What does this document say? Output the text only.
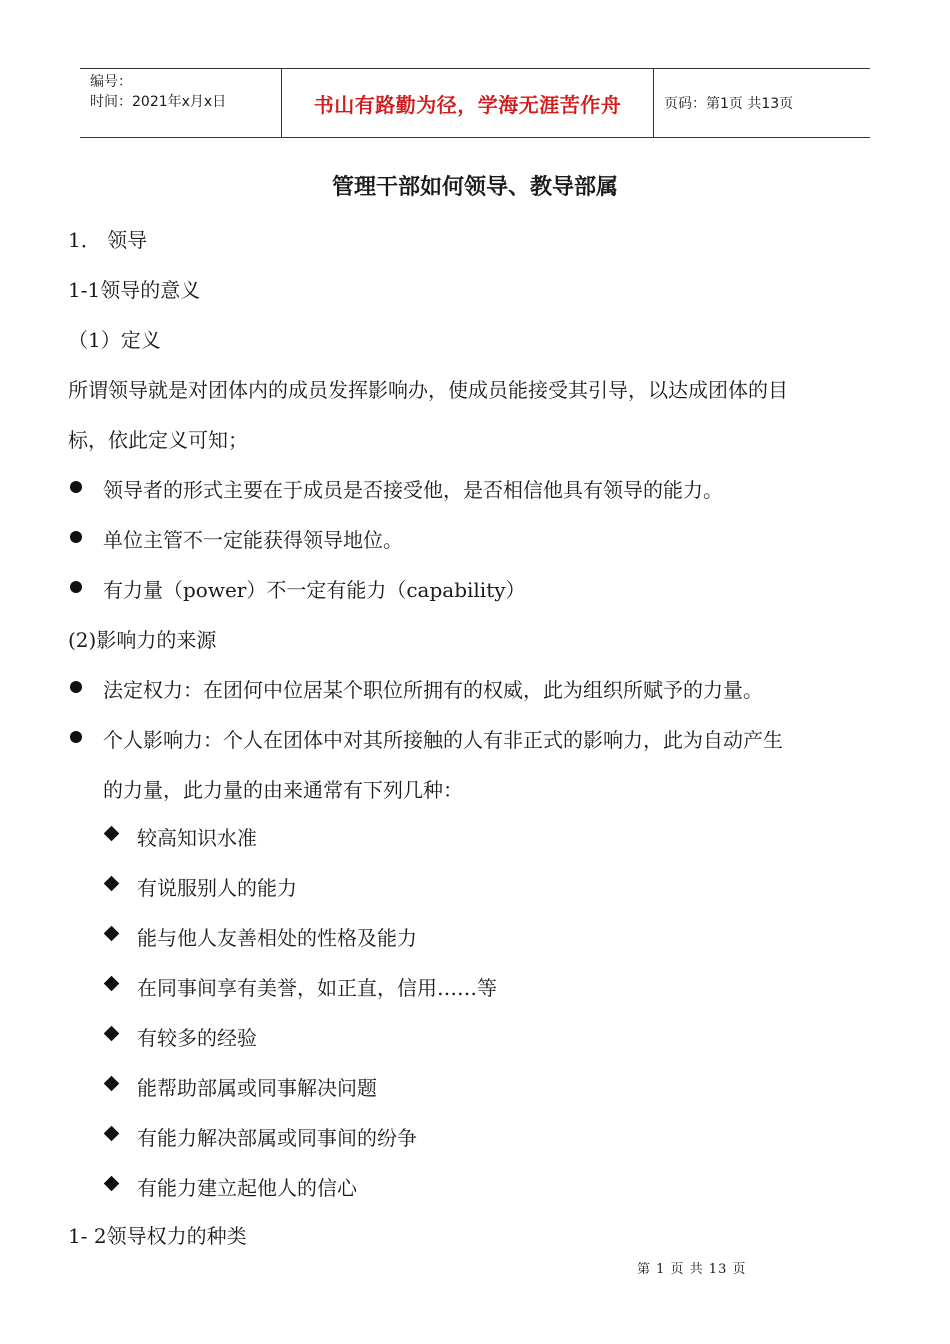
编号：
时间：2021年x月x日	书山有路勤为径，学海无涯苦作舟	页码：第1页 共13页
管理干部如何领导、教导部属
1． 领导
1-1领导的意义
（1）定义
所谓领导就是对团体内的成员发挥影响办，使成员能接受其引导，以达成团体的目
标，依此定义可知；
领导者的形式主要在于成员是否接受他，是否相信他具有领导的能力。
单位主管不一定能获得领导地位。
有力量（power）不一定有能力（capability）
(2)影响力的来源
法定权力：在团何中位居某个职位所拥有的权威，此为组织所赋予的力量。
个人影响力：个人在团体中对其所接触的人有非正式的影响力，此为自动产生
的力量，此力量的由来通常有下列几种：
较高知识水准
有说服别人的能力
能与他人友善相处的性格及能力
在同事间享有美誉，如正直，信用……等
有较多的经验
能帮助部属或同事解决问题
有能力解决部属或同事间的纷争
有能力建立起他人的信心
1- 2领导权力的种类
第 1 页 共 13 页
